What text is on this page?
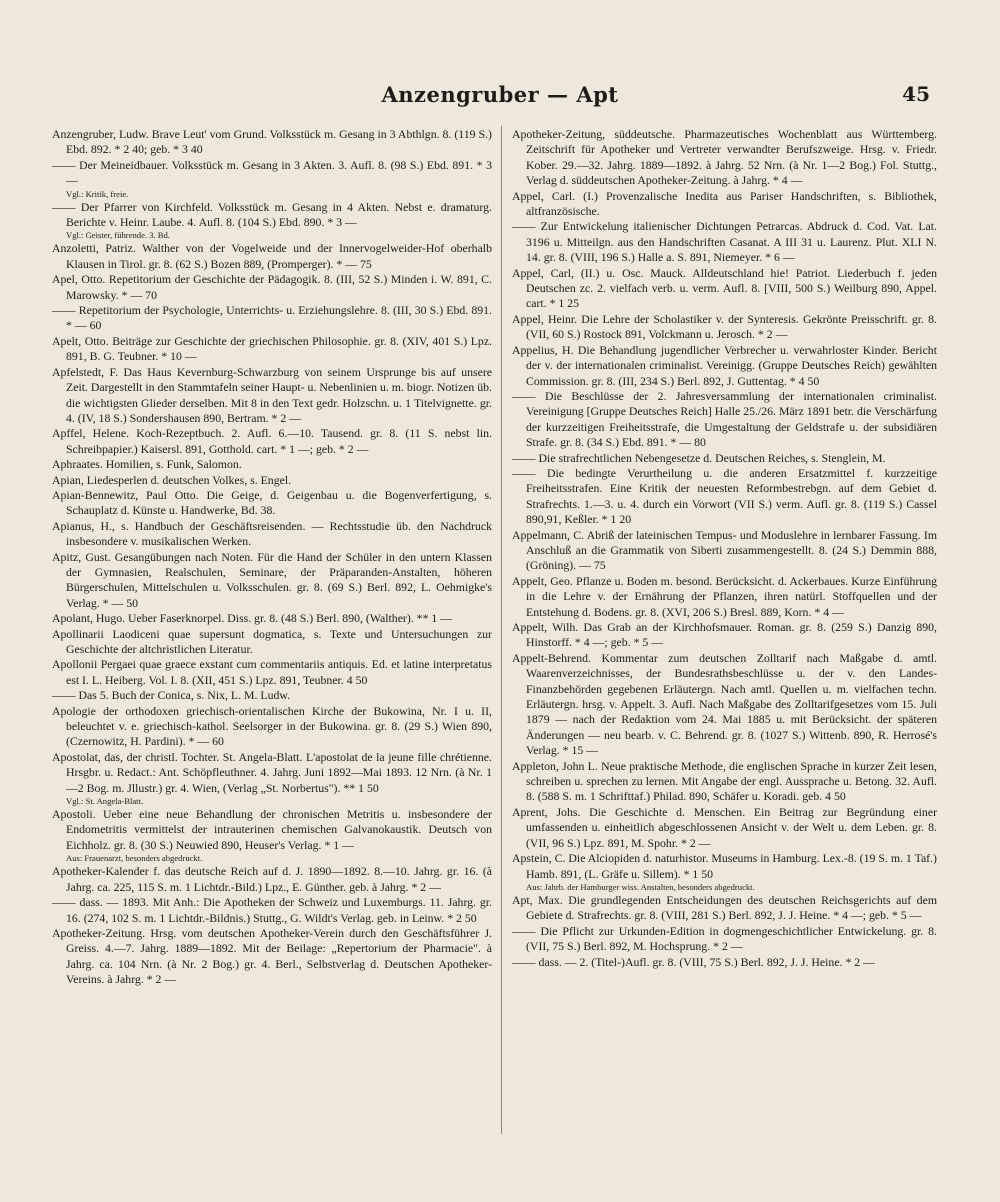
Anzengruber — Apt	45

Anzengruber, Ludw. Brave Leut' vom Grund. Volksstück m. Gesang in 3 Abthlgn. 8. (119 S.) Ebd. 892. * 2 40; geb. * 3 40

—— Der Meineidbauer. Volksstück m. Gesang in 3 Akten. 3. Aufl. 8. (98 S.) Ebd. 891. * 3 —

Vgl.: Kritik, freie.

—— Der Pfarrer von Kirchfeld. Volksstück m. Gesang in 4 Akten. Nebst e. dramaturg. Berichte v. Heinr. Laube. 4. Aufl. 8. (104 S.) Ebd. 890. * 3 —

Vgl.: Geister, führende. 3. Bd.

Anzoletti, Patriz. Walther von der Vogelweide und der Innervogelweider-Hof oberhalb Klausen in Tirol. gr. 8. (62 S.) Bozen 889, (Promperger). * — 75

Apel, Otto. Repetitorium der Geschichte der Pädagogik. 8. (III, 52 S.) Minden i. W. 891, C. Marowsky. * — 70

—— Repetitorium der Psychologie, Unterrichts- u. Erziehungslehre. 8. (III, 30 S.) Ebd. 891. * — 60

Apelt, Otto. Beiträge zur Geschichte der griechischen Philosophie. gr. 8. (XIV, 401 S.) Lpz. 891, B. G. Teubner. * 10 —

Apfelstedt, F. Das Haus Kevernburg-Schwarzburg von seinem Ursprunge bis auf unsere Zeit. Dargestellt in den Stammtafeln seiner Haupt- u. Nebenlinien u. m. biogr. Notizen üb. die wichtigsten Glieder derselben. Mit 8 in den Text gedr. Holzschn. u. 1 Titelvignette. gr. 4. (IV, 18 S.) Sondershausen 890, Bertram. * 2 —

Apffel, Helene. Koch-Rezeptbuch. 2. Aufl. 6.—10. Tausend. gr. 8. (11 S. nebst lin. Schreibpapier.) Kaisersl. 891, Gotthold. cart. * 1 —; geb. * 2 —

Aphraates. Homilien, s. Funk, Salomon.

Apian, Liedesperlen d. deutschen Volkes, s. Engel.

Apian-Bennewitz, Paul Otto. Die Geige, d. Geigenbau u. die Bogenverfertigung, s. Schauplatz d. Künste u. Handwerke, Bd. 38.

Apianus, H., s. Handbuch der Geschäftsreisenden. — Rechtsstudie üb. den Nachdruck insbesondere v. musikalischen Werken.

Apitz, Gust. Gesangübungen nach Noten. Für die Hand der Schüler in den untern Klassen der Gymnasien, Realschulen, Seminare, der Präparanden-Anstalten, höheren Bürgerschulen, Mittelschulen u. Volksschulen. gr. 8. (69 S.) Berl. 892, L. Oehmigke's Verlag. * — 50

Apolant, Hugo. Ueber Faserknorpel. Diss. gr. 8. (48 S.) Berl. 890, (Walther). ** 1 —

Apollinarii Laodiceni quae supersunt dogmatica, s. Texte und Untersuchungen zur Geschichte der altchristlichen Literatur.

Apollonii Pergaei quae graece exstant cum commentariis antiquis. Ed. et latine interpretatus est I. L. Heiberg. Vol. I. 8. (XII, 451 S.) Lpz. 891, Teubner. 4 50

—— Das 5. Buch der Conica, s. Nix, L. M. Ludw.

Apologie der orthodoxen griechisch-orientalischen Kirche der Bukowina, Nr. I u. II, beleuchtet v. e. griechisch-kathol. Seelsorger in der Bukowina. gr. 8. (29 S.) Wien 890, (Czernowitz, H. Pardini). * — 60

Apostolat, das, der christl. Tochter. St. Angela-Blatt. L'apostolat de la jeune fille chrétienne. Hrsgbr. u. Redact.: Ant. Schöpfleuthner. 4. Jahrg. Juni 1892—Mai 1893. 12 Nrn. (à Nr. 1—2 Bog. m. Jllustr.) gr. 4. Wien, (Verlag „St. Norbertus"). ** 1 50

Vgl.: St. Angela-Blatt.

Apostoli. Ueber eine neue Behandlung der chronischen Metritis u. insbesondere der Endometritis vermittelst der intrauterinen chemischen Galvanokaustik. Deutsch von Eichholz. gr. 8. (30 S.) Neuwied 890, Heuser's Verlag. * 1 —

Aus: Frauenarzt, besonders abgedruckt.

Apotheker-Kalender f. das deutsche Reich auf d. J. 1890—1892. 8.—10. Jahrg. gr. 16. (à Jahrg. ca. 225, 115 S. m. 1 Lichtdr.-Bild.) Lpz., E. Günther. geb. à Jahrg. * 2 —

—— dass. — 1893. Mit Anh.: Die Apotheken der Schweiz und Luxemburgs. 11. Jahrg. gr. 16. (274, 102 S. m. 1 Lichtdr.-Bildnis.) Stuttg., G. Wildt's Verlag. geb. in Leinw. * 2 50

Apotheker-Zeitung. Hrsg. vom deutschen Apotheker-Verein durch den Geschäftsführer J. Greiss. 4.—7. Jahrg. 1889—1892. Mit der Beilage: „Repertorium der Pharmacie". à Jahrg. ca. 104 Nrn. (à Nr. 2 Bog.) gr. 4. Berl., Selbstverlag d. Deutschen Apotheker-Vereins. à Jahrg. * 2 —

Apotheker-Zeitung, süddeutsche. Pharmazeutisches Wochenblatt aus Württemberg. Zeitschrift für Apotheker und Vertreter verwandter Berufszweige. Hrsg. v. Friedr. Kober. 29.—32. Jahrg. 1889—1892. à Jahrg. 52 Nrn. (à Nr. 1—2 Bog.) Fol. Stuttg., Verlag d. süddeutschen Apotheker-Zeitung. à Jahrg. * 4 —

Appel, Carl. (I.) Provenzalische Inedita aus Pariser Handschriften, s. Bibliothek, altfranzösische.

—— Zur Entwickelung italienischer Dichtungen Petrarcas. Abdruck d. Cod. Vat. Lat. 3196 u. Mitteilgn. aus den Handschriften Casanat. A III 31 u. Laurenz. Plut. XLI N. 14. gr. 8. (VIII, 196 S.) Halle a. S. 891, Niemeyer. * 6 —

Appel, Carl, (II.) u. Osc. Mauck. Alldeutschland hie! Patriot. Liederbuch f. jeden Deutschen zc. 2. vielfach verb. u. verm. Aufl. 8. [VIII, 500 S.) Weilburg 890, Appel. cart. * 1 25

Appel, Heinr. Die Lehre der Scholastiker v. der Synteresis. Gekrönte Preisschrift. gr. 8. (VII, 60 S.) Rostock 891, Volckmann u. Jerosch. * 2 —

Appelius, H. Die Behandlung jugendlicher Verbrecher u. verwahrloster Kinder. Bericht der v. der internationalen criminalist. Vereinigg. (Gruppe Deutsches Reich) gewählten Commission. gr. 8. (III, 234 S.) Berl. 892, J. Guttentag. * 4 50

—— Die Beschlüsse der 2. Jahresversammlung der internationalen criminalist. Vereinigung [Gruppe Deutsches Reich] Halle 25./26. März 1891 betr. die Verschärfung der kurzzeitigen Freiheitsstrafe, die Umgestaltung der Geldstrafe u. der subsidiären Strafe. gr. 8. (34 S.) Ebd. 891. * — 80

—— Die strafrechtlichen Nebengesetze d. Deutschen Reiches, s. Stenglein, M.

—— Die bedingte Verurtheilung u. die anderen Ersatzmittel f. kurzzeitige Freiheitsstrafen. Eine Kritik der neuesten Reformbestrebgn. auf dem Gebiet d. Strafrechts. 1.—3. u. 4. durch ein Vorwort (VII S.) verm. Aufl. gr. 8. (119 S.) Cassel 890,91, Keßler. * 1 20

Appelmann, C. Abriß der lateinischen Tempus- und Moduslehre in lernbarer Fassung. Im Anschluß an die Grammatik von Siberti zusammengestellt. 8. (24 S.) Demmin 888, (Gröning). — 75

Appelt, Geo. Pflanze u. Boden m. besond. Berücksicht. d. Ackerbaues. Kurze Einführung in die Lehre v. der Ernährung der Pflanzen, ihren natürl. Stoffquellen und der Entstehung d. Bodens. gr. 8. (XVI, 206 S.) Bresl. 889, Korn. * 4 —

Appelt, Wilh. Das Grab an der Kirchhofsmauer. Roman. gr. 8. (259 S.) Danzig 890, Hinstorff. * 4 —; geb. * 5 —

Appelt-Behrend. Kommentar zum deutschen Zolltarif nach Maßgabe d. amtl. Waarenverzeichnisses, der Bundesrathsbeschlüsse u. der v. den Landes-Finanzbehörden gegebenen Erläutergn. Nach amtl. Quellen u. m. vielfachen techn. Erläutergn. hrsg. v. Appelt. 3. Aufl. Nach Maßgabe des Zolltarifgesetzes vom 15. Juli 1879 — nach der Redaktion vom 24. Mai 1885 u. mit Berücksicht. der späteren Änderungen — neu bearb. v. C. Behrend. gr. 8. (1027 S.) Wittenb. 890, R. Herrosé's Verlag. * 15 —

Appleton, John L. Neue praktische Methode, die englischen Sprache in kurzer Zeit lesen, schreiben u. sprechen zu lernen. Mit Angabe der engl. Aussprache u. Betong. 32. Aufl. 8. (588 S. m. 1 Schrifttaf.) Philad. 890, Schäfer u. Koradi. geb. 4 50

Aprent, Johs. Die Geschichte d. Menschen. Ein Beitrag zur Begründung einer umfassenden u. einheitlich abgeschlossenen Ansicht v. der Welt u. dem Leben. gr. 8. (VII, 96 S.) Lpz. 891, M. Spohr. * 2 —

Apstein, C. Die Alciopiden d. naturhistor. Museums in Hamburg. Lex.-8. (19 S. m. 1 Taf.) Hamb. 891, (L. Gräfe u. Sillem). * 1 50

Aus: Jahrb. der Hamburger wiss. Anstalten, besonders abgedruckt.

Apt, Max. Die grundlegenden Entscheidungen des deutschen Reichsgerichts auf dem Gebiete d. Strafrechts. gr. 8. (VIII, 281 S.) Berl. 892, J. J. Heine. * 4 —; geb. * 5 —

—— Die Pflicht zur Urkunden-Edition in dogmengeschichtlicher Entwickelung. gr. 8. (VII, 75 S.) Berl. 892, M. Hochsprung. * 2 —

—— dass. — 2. (Titel-)Aufl. gr. 8. (VIII, 75 S.) Berl. 892, J. J. Heine. * 2 —
